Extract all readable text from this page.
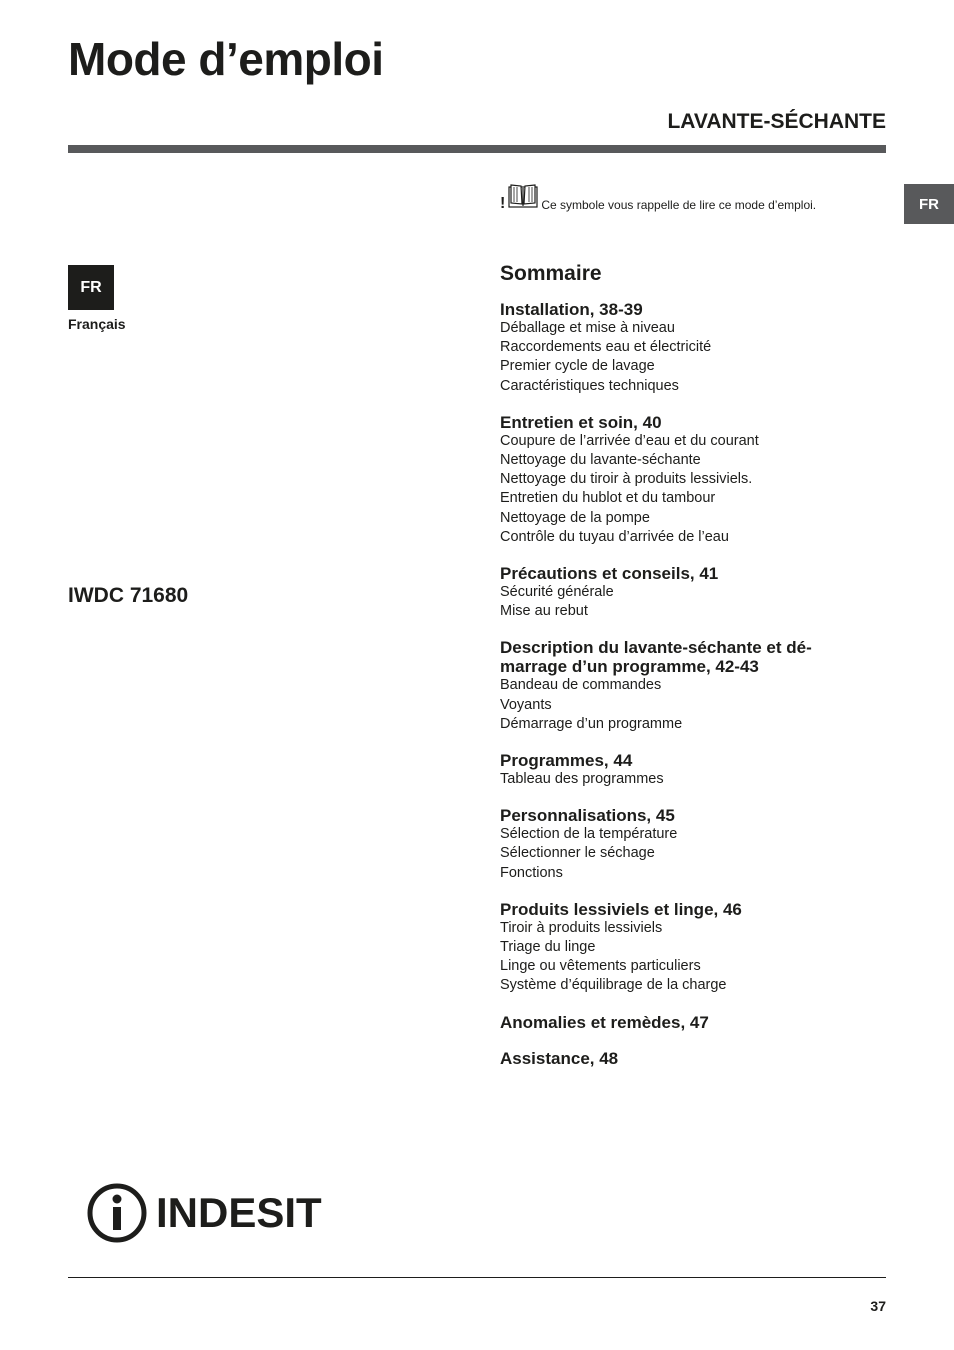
Mode d’emploi
LAVANTE-SÉCHANTE
FR
!	Ce symbole vous rappelle de lire ce mode d’emploi.
FR
Français
IWDC 71680
Sommaire
Installation, 38-39
Déballage et mise à niveau
Raccordements eau et électricité
Premier cycle de lavage
Caractéristiques techniques
Entretien et soin, 40
Coupure de l’arrivée d’eau et du courant
Nettoyage du lavante-séchante
Nettoyage du tiroir à produits lessiviels.
Entretien du hublot et du tambour
Nettoyage de la pompe
Contrôle du tuyau d’arrivée de l’eau
Précautions et conseils, 41
Sécurité générale
Mise au rebut
Description du lavante-séchante et dé-
marrage d’un programme, 42-43
Bandeau de commandes
Voyants
Démarrage d’un programme
Programmes, 44
Tableau des programmes
Personnalisations, 45
Sélection de la température
Sélectionner le séchage
Fonctions
Produits lessiviels et linge, 46
Tiroir à produits lessiviels
Triage du linge
Linge ou vêtements particuliers
Système d’équilibrage de la charge
Anomalies et remèdes, 47
Assistance, 48
INDESIT
37
